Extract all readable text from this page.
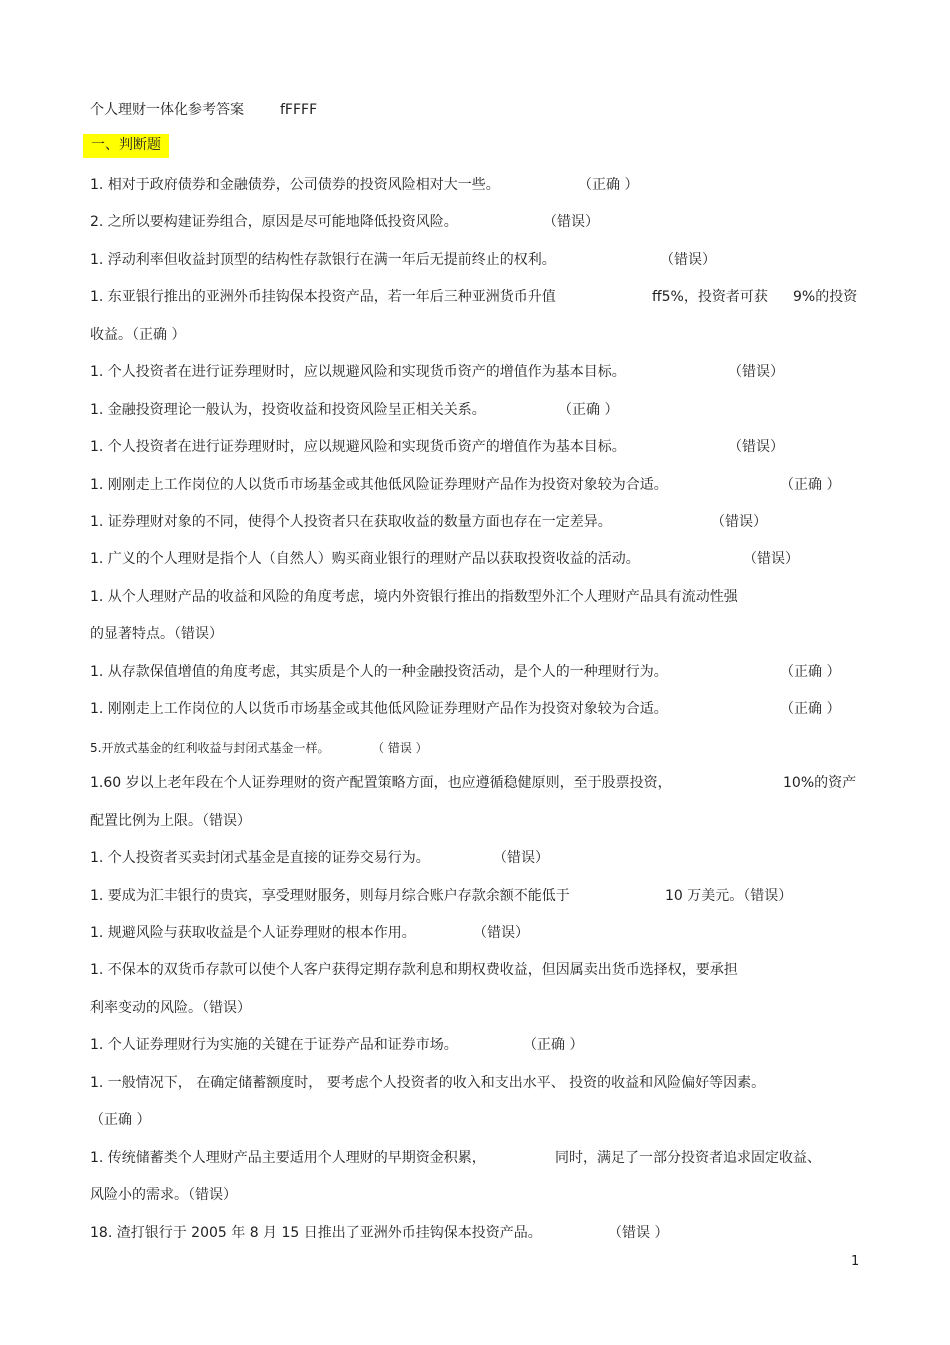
个人理财一体化参考答案	fFFFF
一、判断题
1. 相对于政府债券和金融债券，公司债券的投资风险相对大一些。	（正确 ）
2. 之所以要构建证券组合，原因是尽可能地降低投资风险。	（错误）
1. 浮动利率但收益封顶型的结构性存款银行在满一年后无提前终止的权利。	（错误）
1. 东亚银行推出的亚洲外币挂钩保本投资产品，若一年后三种亚洲货币升值	ff5%，投资者可获 9%的投资
收益。（正确 ）
1. 个人投资者在进行证券理财时，应以规避风险和实现货币资产的增值作为基本目标。	（错误）
1. 金融投资理论一般认为，投资收益和投资风险呈正相关关系。	（正确 ）
1. 个人投资者在进行证券理财时，应以规避风险和实现货币资产的增值作为基本目标。	（错误）
1. 刚刚走上工作岗位的人以货币市场基金或其他低风险证券理财产品作为投资对象较为合适。	（正确 ）
1. 证券理财对象的不同，使得个人投资者只在获取收益的数量方面也存在一定差异。	（错误）
1. 广义的个人理财是指个人（自然人）购买商业银行的理财产品以获取投资收益的活动。	（错误）
1. 从个人理财产品的收益和风险的角度考虑，境内外资银行推出的指数型外汇个人理财产品具有流动性强
的显著特点。（错误）
1. 从存款保值增值的角度考虑，其实质是个人的一种金融投资活动，是个人的一种理财行为。	（正确 ）
1. 刚刚走上工作岗位的人以货币市场基金或其他低风险证券理财产品作为投资对象较为合适。	（正确 ）
5.开放式基金的红利收益与封闭式基金一样。	（ 错误 ）
1.60 岁以上老年段在个人证券理财的资产配置策略方面，也应遵循稳健原则，至于股票投资，	10%的资产
配置比例为上限。（错误）
1. 个人投资者买卖封闭式基金是直接的证券交易行为。	（错误）
1. 要成为汇丰银行的贵宾，享受理财服务，则每月综合账户存款余额不能低于	10 万美元。（错误）
1. 规避风险与获取收益是个人证券理财的根本作用。	（错误）
1. 不保本的双货币存款可以使个人客户获得定期存款利息和期权费收益，但因属卖出货币选择权，要承担
利率变动的风险。（错误）
1. 个人证券理财行为实施的关键在于证券产品和证券市场。	（正确 ）
1. 一般情况下， 在确定储蓄额度时， 要考虑个人投资者的收入和支出水平、 投资的收益和风险偏好等因素。
（正确 ）
1. 传统储蓄类个人理财产品主要适用个人理财的早期资金积累，	同时，满足了一部分投资者追求固定收益、
风险小的需求。（错误）
18. 渣打银行于 2005 年 8 月 15 日推出了亚洲外币挂钩保本投资产品。	（错误 ）
1
